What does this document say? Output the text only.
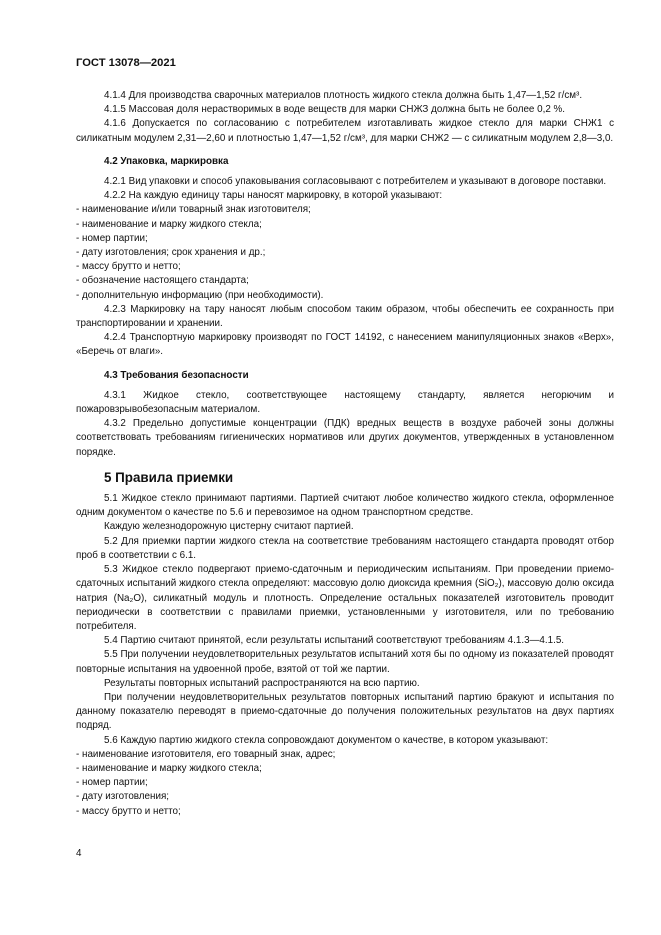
ГОСТ 13078—2021

4.1.4 Для производства сварочных материалов плотность жидкого стекла должна быть 1,47—1,52 г/см³.

4.1.5 Массовая доля нерастворимых в воде веществ для марки СНЖЗ должна быть не более 0,2 %.

4.1.6 Допускается по согласованию с потребителем изготавливать жидкое стекло для марки СНЖ1 с силикатным модулем 2,31—2,60 и плотностью 1,47—1,52 г/см³, для марки СНЖ2 — с силикатным модулем 2,8—3,0.

4.2 Упаковка, маркировка

4.2.1 Вид упаковки и способ упаковывания согласовывают с потребителем и указывают в договоре поставки.

4.2.2 На каждую единицу тары наносят маркировку, в которой указывают:

- наименование и/или товарный знак изготовителя;

- наименование и марку жидкого стекла;

- номер партии;

- дату изготовления; срок хранения и др.;

- массу брутто и нетто;

- обозначение настоящего стандарта;

- дополнительную информацию (при необходимости).

4.2.3 Маркировку на тару наносят любым способом таким образом, чтобы обеспечить ее сохранность при транспортировании и хранении.

4.2.4 Транспортную маркировку производят по ГОСТ 14192, с нанесением манипуляционных знаков «Верх», «Беречь от влаги».

4.3 Требования безопасности

4.3.1 Жидкое стекло, соответствующее настоящему стандарту, является негорючим и пожаровзрывобезопасным материалом.

4.3.2 Предельно допустимые концентрации (ПДК) вредных веществ в воздухе рабочей зоны должны соответствовать требованиям гигиенических нормативов или других документов, утвержденных в установленном порядке.

5 Правила приемки

5.1 Жидкое стекло принимают партиями. Партией считают любое количество жидкого стекла, оформленное одним документом о качестве по 5.6 и перевозимое на одном транспортном средстве.

Каждую железнодорожную цистерну считают партией.

5.2 Для приемки партии жидкого стекла на соответствие требованиям настоящего стандарта проводят отбор проб в соответствии с 6.1.

5.3 Жидкое стекло подвергают приемо-сдаточным и периодическим испытаниям. При проведении приемо-сдаточных испытаний жидкого стекла определяют: массовую долю диоксида кремния (SiO₂), массовую долю оксида натрия (Na₂O), силикатный модуль и плотность. Определение остальных показателей изготовитель проводит периодически в соответствии с правилами приемки, установленными у изготовителя, или по требованию потребителя.

5.4 Партию считают принятой, если результаты испытаний соответствуют требованиям 4.1.3—4.1.5.

5.5 При получении неудовлетворительных результатов испытаний хотя бы по одному из показателей проводят повторные испытания на удвоенной пробе, взятой от той же партии.

Результаты повторных испытаний распространяются на всю партию.

При получении неудовлетворительных результатов повторных испытаний партию бракуют и испытания по данному показателю переводят в приемо-сдаточные до получения положительных результатов на двух партиях подряд.

5.6 Каждую партию жидкого стекла сопровождают документом о качестве, в котором указывают:

- наименование изготовителя, его товарный знак, адрес;

- наименование и марку жидкого стекла;

- номер партии;

- дату изготовления;

- массу брутто и нетто;

4
